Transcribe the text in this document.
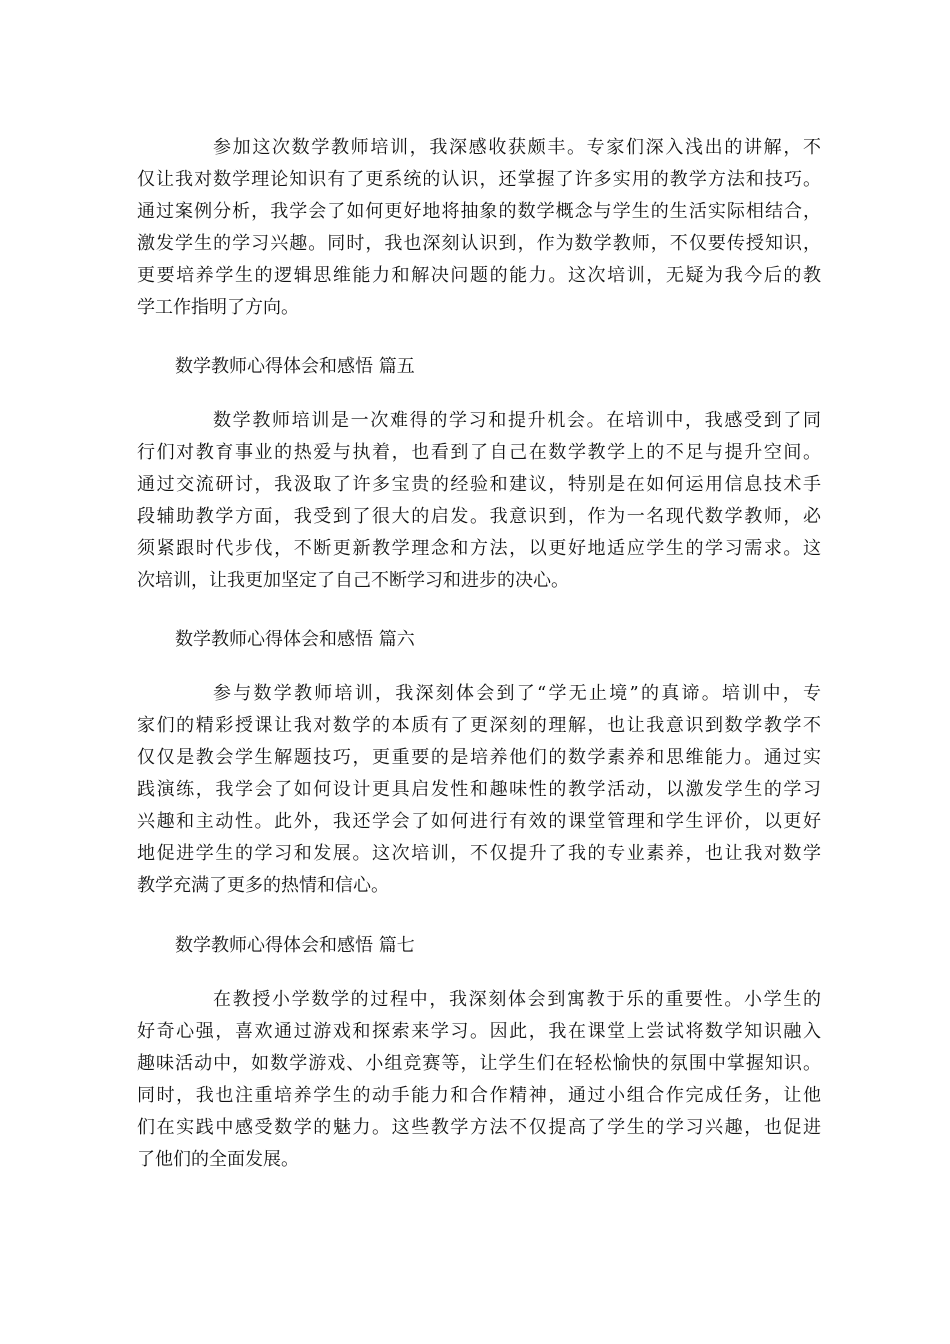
参加这次数学教师培训，我深感收获颇丰。专家们深入浅出的讲解，不
仅让我对数学理论知识有了更系统的认识，还掌握了许多实用的教学方法和技巧。
通过案例分析，我学会了如何更好地将抽象的数学概念与学生的生活实际相结合，
激发学生的学习兴趣。同时，我也深刻认识到，作为数学教师，不仅要传授知识，
更要培养学生的逻辑思维能力和解决问题的能力。这次培训，无疑为我今后的教
学工作指明了方向。
数学教师心得体会和感悟 篇五
数学教师培训是一次难得的学习和提升机会。在培训中，我感受到了同
行们对教育事业的热爱与执着，也看到了自己在数学教学上的不足与提升空间。
通过交流研讨，我汲取了许多宝贵的经验和建议，特别是在如何运用信息技术手
段辅助教学方面，我受到了很大的启发。我意识到，作为一名现代数学教师，必
须紧跟时代步伐，不断更新教学理念和方法，以更好地适应学生的学习需求。这
次培训，让我更加坚定了自己不断学习和进步的决心。
数学教师心得体会和感悟 篇六
参与数学教师培训，我深刻体会到了“学无止境”的真谛。培训中，专
家们的精彩授课让我对数学的本质有了更深刻的理解，也让我意识到数学教学不
仅仅是教会学生解题技巧，更重要的是培养他们的数学素养和思维能力。通过实
践演练，我学会了如何设计更具启发性和趣味性的教学活动，以激发学生的学习
兴趣和主动性。此外，我还学会了如何进行有效的课堂管理和学生评价，以更好
地促进学生的学习和发展。这次培训，不仅提升了我的专业素养，也让我对数学
教学充满了更多的热情和信心。
数学教师心得体会和感悟 篇七
在教授小学数学的过程中，我深刻体会到寓教于乐的重要性。小学生的
好奇心强，喜欢通过游戏和探索来学习。因此，我在课堂上尝试将数学知识融入
趣味活动中，如数学游戏、小组竞赛等，让学生们在轻松愉快的氛围中掌握知识。
同时，我也注重培养学生的动手能力和合作精神，通过小组合作完成任务，让他
们在实践中感受数学的魅力。这些教学方法不仅提高了学生的学习兴趣，也促进
了他们的全面发展。
